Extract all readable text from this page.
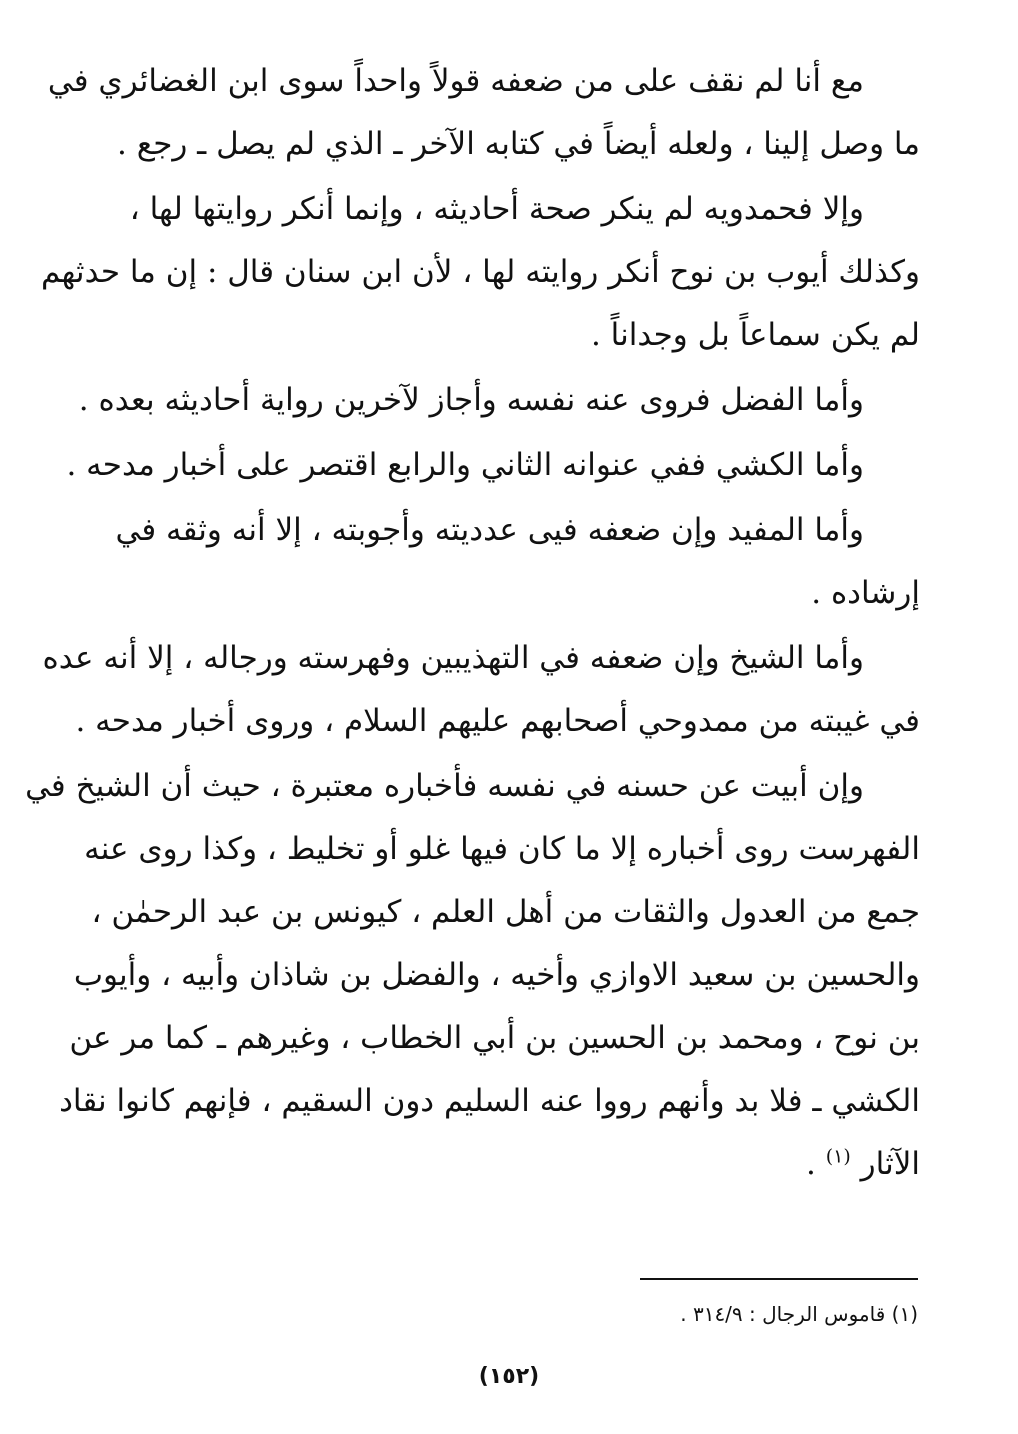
مع أنا لم نقف على من ضعفه قولاً واحداً سوى ابن الغضائري في
ما وصل إلينا ، ولعله أيضاً في كتابه الآخر ـ الذي لم يصل ـ رجع .

وإلا فحمدويه لم ينكر صحة أحاديثه ، وإنما أنكر روايتها لها ،
وكذلك أيوب بن نوح أنكر روايته لها ، لأن ابن سنان قال : إن ما حدثهم
لم يكن سماعاً بل وجداناً .

وأما الفضل فروى عنه نفسه وأجاز لآخرين رواية أحاديثه بعده .

وأما الكشي ففي عنوانه الثاني والرابع اقتصر على أخبار مدحه .

وأما المفيد وإن ضعفه فيى عدديته وأجوبته ، إلا أنه وثقه في
إرشاده .

وأما الشيخ وإن ضعفه في التهذيبين وفهرسته ورجاله ، إلا أنه عده
في غيبته من ممدوحي أصحابهم عليهم السلام ، وروى أخبار مدحه .

وإن أبيت عن حسنه في نفسه فأخباره معتبرة ، حيث أن الشيخ في
الفهرست روى أخباره إلا ما كان فيها غلو أو تخليط ، وكذا روى عنه
جمع من العدول والثقات من أهل العلم ، كيونس بن عبد الرحمٰن ،
والحسين بن سعيد الاوازي وأخيه ، والفضل بن شاذان وأبيه ، وأيوب
بن نوح ، ومحمد بن الحسين بن أبي الخطاب ، وغيرهم ـ كما مر عن
الكشي ـ فلا بد وأنهم رووا عنه السليم دون السقيم ، فإنهم كانوا نقاد
الآثار $^{(١)}$ .

(١) قاموس الرجال : ٣١٤/٩ .
(١٥٢)
